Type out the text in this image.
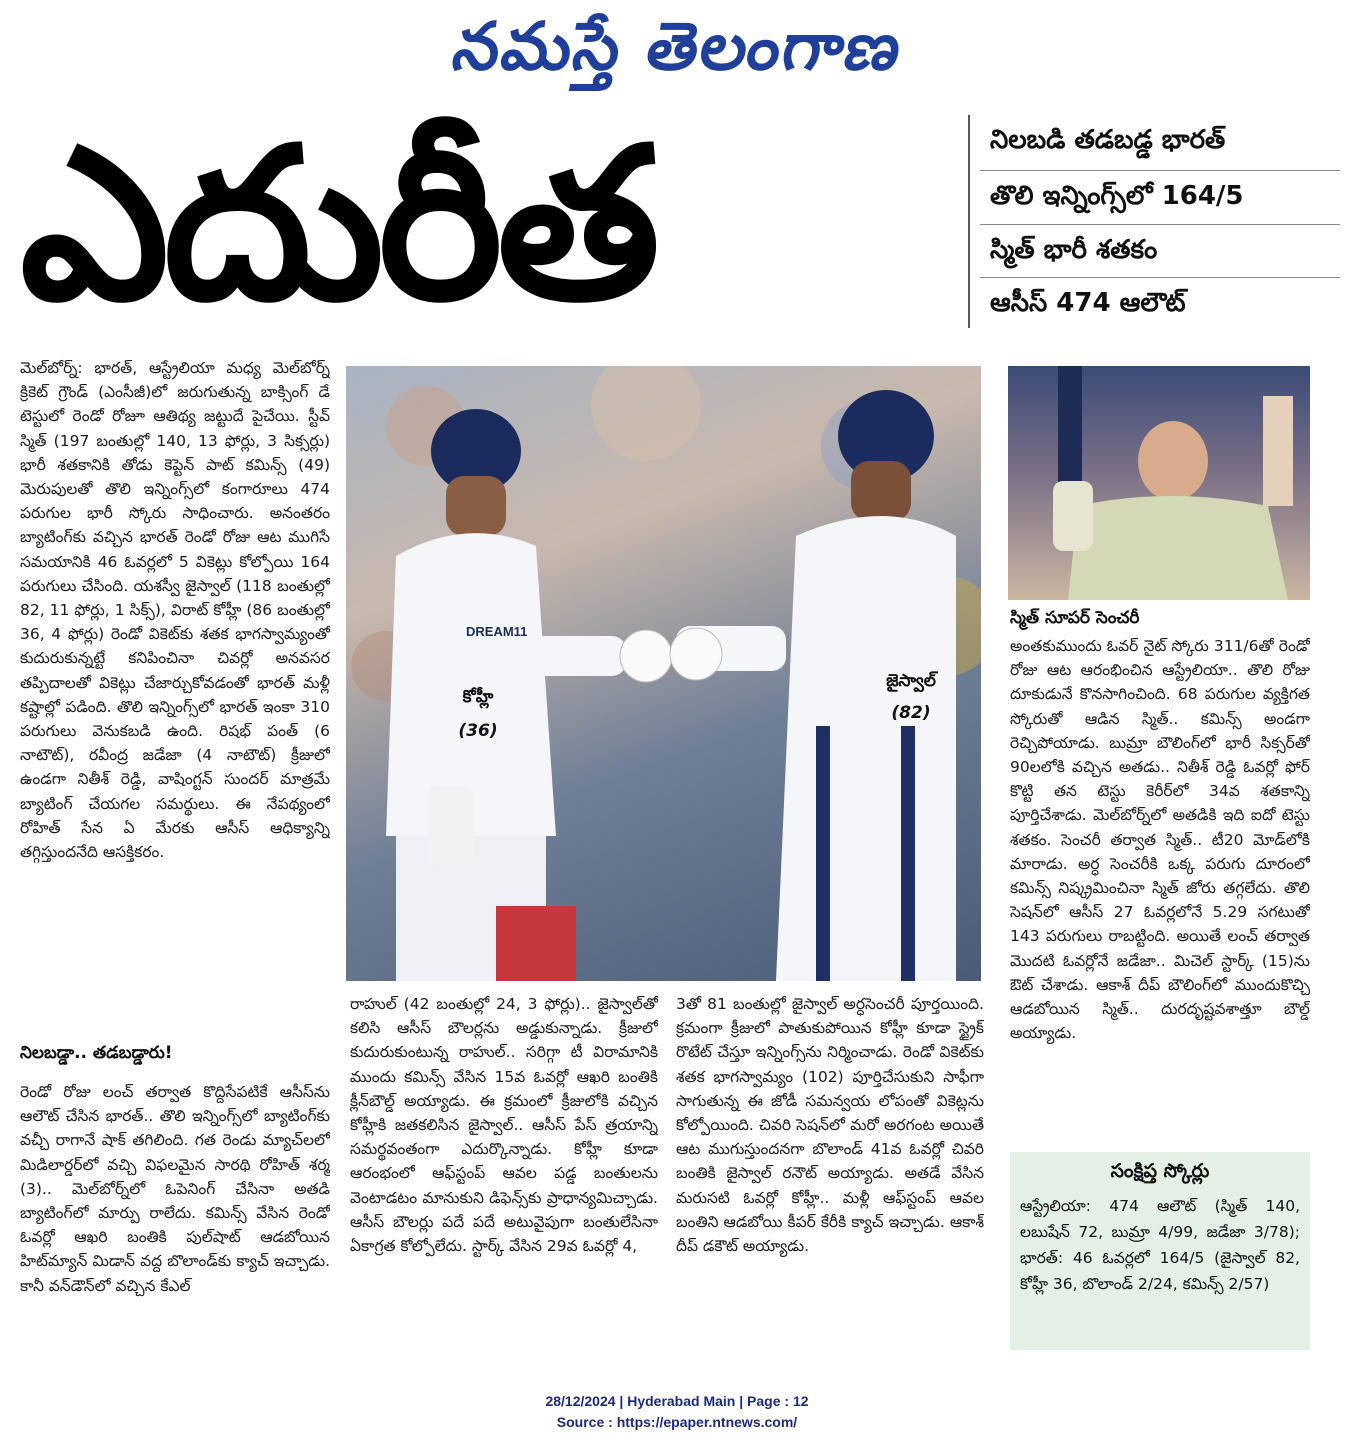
నమస్తే తెలంగాణ
ఎదురీత	నిలబడి తడబడ్డ భారత్
తొలి ఇన్నింగ్స్‌లో 164/5
స్మిత్ భారీ శతకం
ఆసీస్ 474 ఆలౌట్

మెల్‌బోర్న్: భారత్, ఆస్ట్రేలియా మధ్య మెల్‌బోర్న్ క్రికెట్ గ్రౌండ్ (ఎంసీజీ)లో జరుగుతున్న బాక్సింగ్ డే టెస్టులో రెండో రోజూ ఆతిథ్య జట్టుదే పైచేయి. స్టీవ్ స్మిత్ (197 బంతుల్లో 140, 13 ఫోర్లు, 3 సిక్సర్లు) భారీ శతకానికి తోడు కెప్టెన్ పాట్ కమిన్స్ (49) మెరుపులతో తొలి ఇన్నింగ్స్‌లో కంగారూలు 474 పరుగుల భారీ స్కోరు సాధించారు. అనంతరం బ్యాటింగ్‌కు వచ్చిన భారత్ రెండో రోజు ఆట ముగిసే సమయానికి 46 ఓవర్లలో 5 వికెట్లు కోల్పోయి 164 పరుగులు చేసింది. యశస్వీ జైస్వాల్ (118 బంతుల్లో 82, 11 ఫోర్లు, 1 సిక్స్), విరాట్ కోహ్లీ (86 బంతుల్లో 36, 4 ఫోర్లు) రెండో వికెట్‌కు శతక భాగస్వామ్యంతో కుదురుకున్నట్టే కనిపించినా చివర్లో అనవసర తప్పిదాలతో వికెట్లు చేజార్చుకోవడంతో భారత్ మళ్లీ కష్టాల్లో పడింది. తొలి ఇన్నింగ్స్‌లో భారత్ ఇంకా 310 పరుగులు వెనుకబడి ఉంది. రిషభ్ పంత్ (6 నాటౌట్), రవీంద్ర జడేజా (4 నాటౌట్) క్రీజులో ఉండగా నితీశ్ రెడ్డి, వాషింగ్టన్ సుందర్ మాత్రమే బ్యాటింగ్ చేయగల సమర్థులు. ఈ నేపథ్యంలో రోహిత్ సేన ఏ మేరకు ఆసీస్ ఆధిక్యాన్ని తగ్గిస్తుందనేది ఆసక్తికరం.

నిలబడ్డా.. తడబడ్డారు!

రెండో రోజు లంచ్ తర్వాత కొద్దిసేపటికే ఆసీస్‌ను ఆలౌట్ చేసిన భారత్.. తొలి ఇన్నింగ్స్‌లో బ్యాటింగ్‌కు వచ్చీ రాగానే షాక్ తగిలింది. గత రెండు మ్యాచ్‌లలో మిడిలార్డర్‌లో వచ్చి విఫలమైన సారథి రోహిత్ శర్మ (3).. మెల్‌బోర్న్‌లో ఓపెనింగ్ చేసినా అతడి బ్యాటింగ్‌లో మార్పు రాలేదు. కమిన్స్ వేసిన రెండో ఓవర్లో ఆఖరి బంతికి పుల్‌షాట్ ఆడబోయిన హిట్‌మ్యాన్ మిడాన్ వద్ద బొలాండ్‌కు క్యాచ్ ఇచ్చాడు. కానీ వన్‌డౌన్‌లో వచ్చిన కేఎల్

కోహ్లీ
(36)
జైస్వాల్
(82)
DREAM11

రాహుల్ (42 బంతుల్లో 24, 3 ఫోర్లు).. జైస్వాల్‌తో కలిసి ఆసీస్ బౌలర్లను అడ్డుకున్నాడు. క్రీజులో కుదురుకుంటున్న రాహుల్.. సరిగ్గా టీ విరామానికి ముందు కమిన్స్ వేసిన 15వ ఓవర్లో ఆఖరి బంతికి క్లీన్‌బౌల్డ్ అయ్యాడు. ఈ క్రమంలో క్రీజులోకి వచ్చిన కోహ్లీకి జతకలిసిన జైస్వాల్.. ఆసీస్ పేస్ త్రయాన్ని సమర్థవంతంగా ఎదుర్కొన్నాడు. కోహ్లీ కూడా ఆరంభంలో ఆఫ్‌స్టంప్ ఆవల పడ్డ బంతులను వెంటాడటం మానుకుని డిఫెన్స్‌కు ప్రాధాన్యమిచ్చాడు. ఆసీస్ బౌలర్లు పదే పదే అటువైపుగా బంతులేసినా ఏకాగ్రత కోల్పోలేదు. స్టార్క్ వేసిన 29వ ఓవర్లో 4,

3తో 81 బంతుల్లో జైస్వాల్ అర్ధసెంచరీ పూర్తయింది. క్రమంగా క్రీజులో పాతుకుపోయిన కోహ్లీ కూడా స్ట్రైక్ రొటేట్ చేస్తూ ఇన్నింగ్స్‌ను నిర్మించాడు. రెండో వికెట్‌కు శతక భాగస్వామ్యం (102) పూర్తిచేసుకుని సాఫీగా సాగుతున్న ఈ జోడీ సమన్వయ లోపంతో వికెట్లను కోల్పోయింది. చివరి సెషన్‌లో మరో అరగంట అయితే ఆట ముగుస్తుందనగా బొలాండ్ 41వ ఓవర్లో చివరి బంతికి జైస్వాల్ రనౌట్ అయ్యాడు. అతడే వేసిన మరుసటి ఓవర్లో కోహ్లీ.. మళ్లీ ఆఫ్‌స్టంప్ ఆవల బంతిని ఆడబోయి కీపర్ కేరీకి క్యాచ్ ఇచ్చాడు. ఆకాశ్ దీప్ డకౌట్ అయ్యాడు.

స్మిత్ సూపర్ సెంచరీ

అంతకుముందు ఓవర్ నైట్ స్కోరు 311/6తో రెండో రోజు ఆట ఆరంభించిన ఆస్ట్రేలియా.. తొలి రోజు దూకుడునే కొనసాగించింది. 68 పరుగుల వ్యక్తిగత స్కోరుతో ఆడిన స్మిత్.. కమిన్స్ అండగా రెచ్చిపోయాడు. బుమ్రా బౌలింగ్‌లో భారీ సిక్సర్‌తో 90లలోకి వచ్చిన అతడు.. నితీశ్ రెడ్డి ఓవర్లో ఫోర్ కొట్టి తన టెస్టు కెరీర్‌లో 34వ శతకాన్ని పూర్తిచేశాడు. మెల్‌బోర్న్‌లో అతడికి ఇది ఐదో టెస్టు శతకం. సెంచరీ తర్వాత స్మిత్.. టీ20 మోడ్‌లోకి మారాడు. అర్ధ సెంచరీకి ఒక్క పరుగు దూరంలో కమిన్స్ నిష్క్రమించినా స్మిత్ జోరు తగ్గలేదు. తొలి సెషన్‌లో ఆసీస్ 27 ఓవర్లలోనే 5.29 సగటుతో 143 పరుగులు రాబట్టింది. అయితే లంచ్ తర్వాత మొదటి ఓవర్లోనే జడేజా.. మిచెల్ స్టార్క్ (15)ను ఔట్ చేశాడు. ఆకాశ్ దీప్ బౌలింగ్‌లో ముందుకొచ్చి ఆడబోయిన స్మిత్.. దురదృష్టవశాత్తూ బౌల్డ్ అయ్యాడు.

సంక్షిప్త స్కోర్లు
ఆస్ట్రేలియా: 474 ఆలౌట్ (స్మిత్ 140, లబుషేన్ 72, బుమ్రా 4/99, జడేజా 3/78); భారత్: 46 ఓవర్లలో 164/5 (జైస్వాల్ 82, కోహ్లీ 36, బొలాండ్ 2/24, కమిన్స్ 2/57)
28/12/2024 | Hyderabad Main | Page : 12
Source : https://epaper.ntnews.com/
